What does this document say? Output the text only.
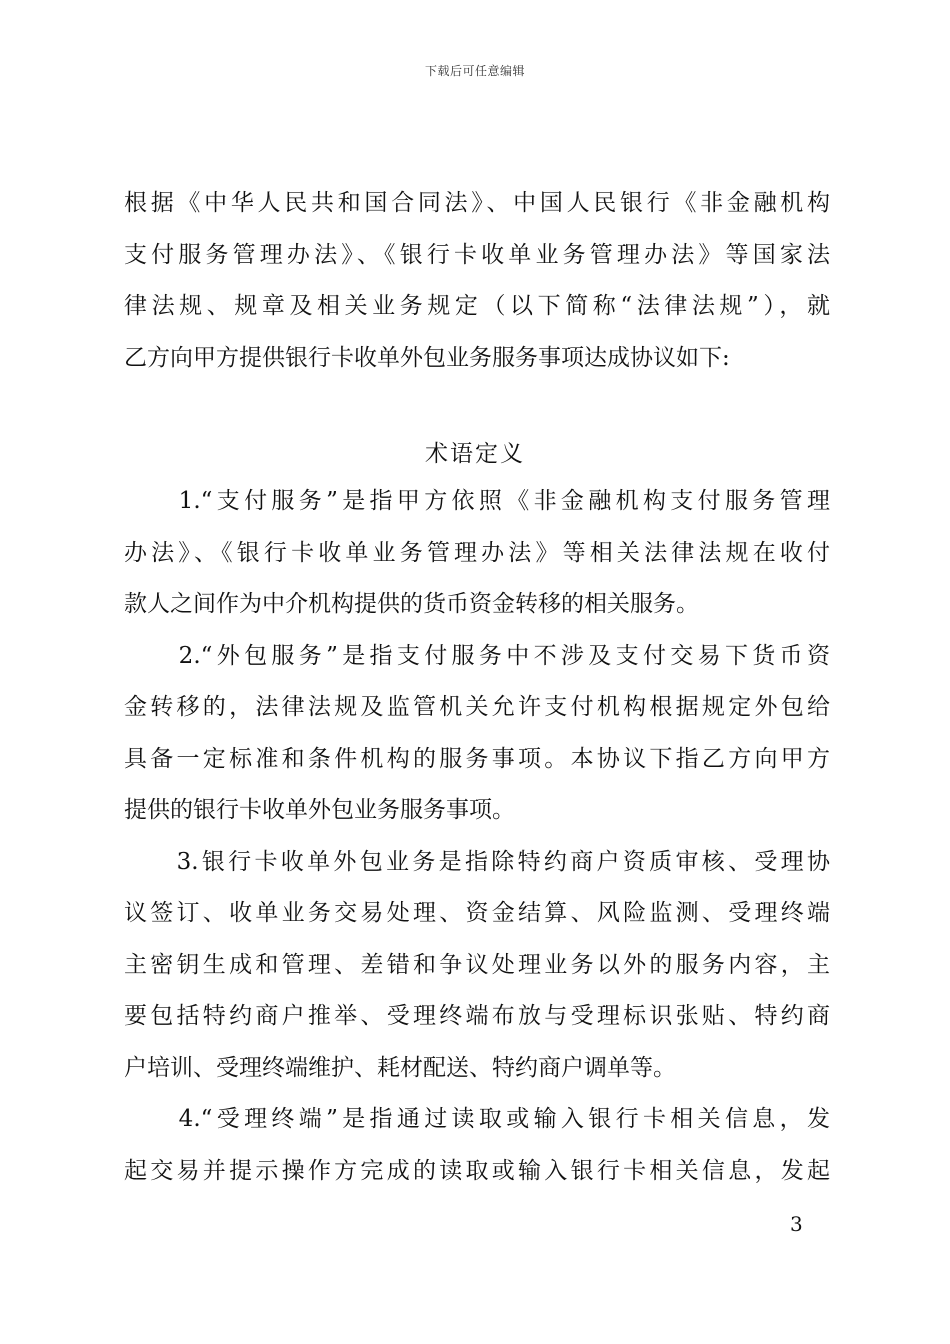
下载后可任意编辑
根据《中华人民共和国合同法》、中国人民银行《非金融机构
支付服务管理办法》、《银行卡收单业务管理办法》等国家法
律法规、规章及相关业务规定（以下简称“法律法规”），就
乙方向甲方提供银行卡收单外包业务服务事项达成协议如下:
术语定义
　　1.“支付服务”是指甲方依照《非金融机构支付服务管理
办法》、《银行卡收单业务管理办法》等相关法律法规在收付
款人之间作为中介机构提供的货币资金转移的相关服务。
　　2.“外包服务”是指支付服务中不涉及支付交易下货币资
金转移的，法律法规及监管机关允许支付机构根据规定外包给
具备一定标准和条件机构的服务事项。本协议下指乙方向甲方
提供的银行卡收单外包业务服务事项。
　　3.银行卡收单外包业务是指除特约商户资质审核、受理协
议签订、收单业务交易处理、资金结算、风险监测、受理终端
主密钥生成和管理、差错和争议处理业务以外的服务内容，主
要包括特约商户推举、受理终端布放与受理标识张贴、特约商
户培训、受理终端维护、耗材配送、特约商户调单等。
　　4.“受理终端”是指通过读取或输入银行卡相关信息，发
起交易并提示操作方完成的读取或输入银行卡相关信息，发起
3
